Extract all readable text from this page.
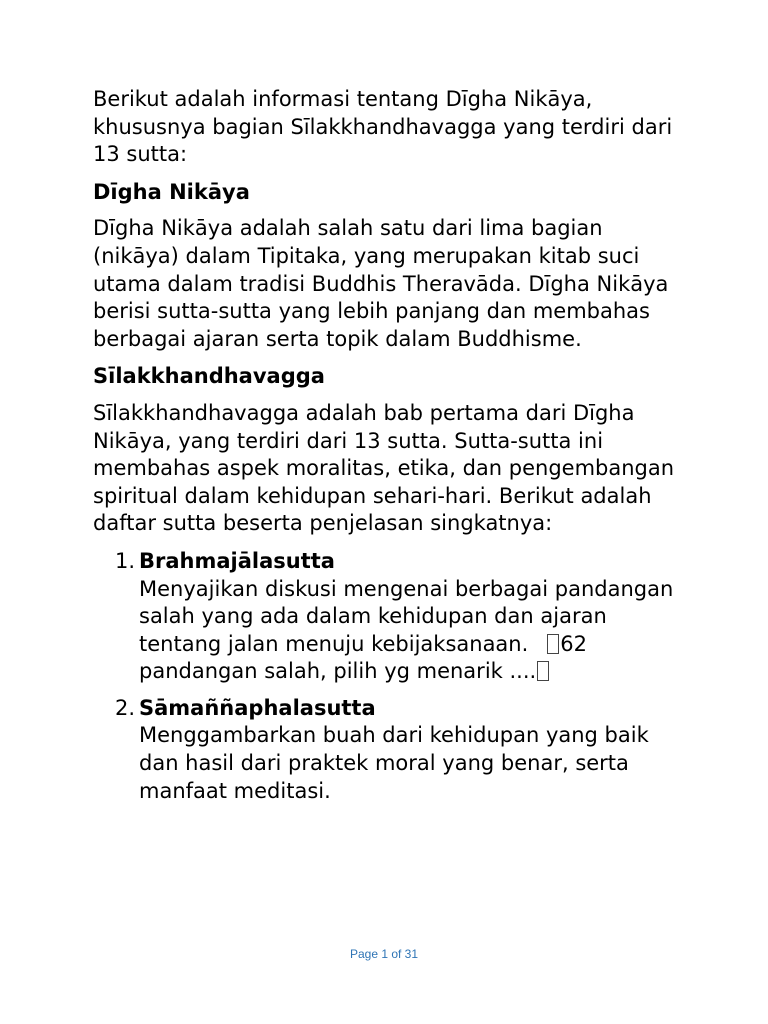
Berikut adalah informasi tentang Dīgha Nikāya, khususnya bagian Sīlakkhandhavagga yang terdiri dari 13 sutta:

Dīgha Nikāya

Dīgha Nikāya adalah salah satu dari lima bagian (nikāya) dalam Tipitaka, yang merupakan kitab suci utama dalam tradisi Buddhis Theravāda. Dīgha Nikāya berisi sutta-sutta yang lebih panjang dan membahas berbagai ajaran serta topik dalam Buddhisme.

Sīlakkhandhavagga

Sīlakkhandhavagga adalah bab pertama dari Dīgha Nikāya, yang terdiri dari 13 sutta. Sutta-sutta ini membahas aspek moralitas, etika, dan pengembangan spiritual dalam kehidupan sehari-hari. Berikut adalah daftar sutta beserta penjelasan singkatnya:

1. Brahmajālasutta
Menyajikan diskusi mengenai berbagai pandangan salah yang ada dalam kehidupan dan ajaran tentang jalan menuju kebijaksanaan. 62 pandangan salah, pilih yg menarik ....
2. Sāmaññaphalasutta
Menggambarkan buah dari kehidupan yang baik dan hasil dari praktek moral yang benar, serta manfaat meditasi.
Page 1 of 31
